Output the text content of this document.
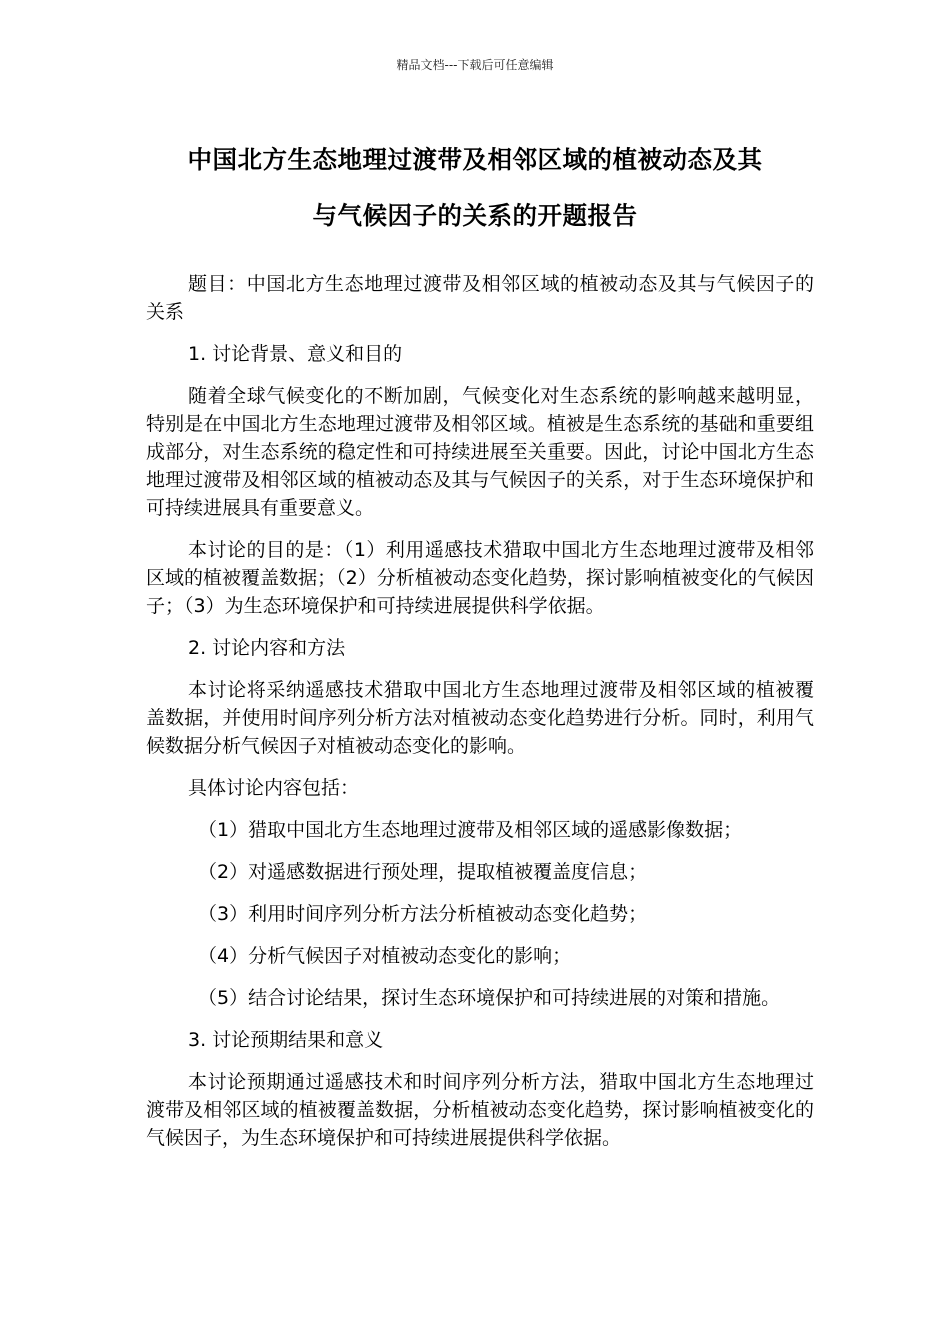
精品文档---下载后可任意编辑
中国北方生态地理过渡带及相邻区域的植被动态及其
与气候因子的关系的开题报告

题目：中国北方生态地理过渡带及相邻区域的植被动态及其与气候因子的关系

1. 讨论背景、意义和目的

随着全球气候变化的不断加剧，气候变化对生态系统的影响越来越明显，特别是在中国北方生态地理过渡带及相邻区域。植被是生态系统的基础和重要组成部分，对生态系统的稳定性和可持续进展至关重要。因此，讨论中国北方生态地理过渡带及相邻区域的植被动态及其与气候因子的关系，对于生态环境保护和可持续进展具有重要意义。

本讨论的目的是：（1）利用遥感技术猎取中国北方生态地理过渡带及相邻区域的植被覆盖数据；（2）分析植被动态变化趋势，探讨影响植被变化的气候因子；（3）为生态环境保护和可持续进展提供科学依据。

2. 讨论内容和方法

本讨论将采纳遥感技术猎取中国北方生态地理过渡带及相邻区域的植被覆盖数据，并使用时间序列分析方法对植被动态变化趋势进行分析。同时，利用气候数据分析气候因子对植被动态变化的影响。

具体讨论内容包括：

（1）猎取中国北方生态地理过渡带及相邻区域的遥感影像数据；

（2）对遥感数据进行预处理，提取植被覆盖度信息；

（3）利用时间序列分析方法分析植被动态变化趋势；

（4）分析气候因子对植被动态变化的影响；

（5）结合讨论结果，探讨生态环境保护和可持续进展的对策和措施。

3. 讨论预期结果和意义

本讨论预期通过遥感技术和时间序列分析方法，猎取中国北方生态地理过渡带及相邻区域的植被覆盖数据，分析植被动态变化趋势，探讨影响植被变化的气候因子，为生态环境保护和可持续进展提供科学依据。
